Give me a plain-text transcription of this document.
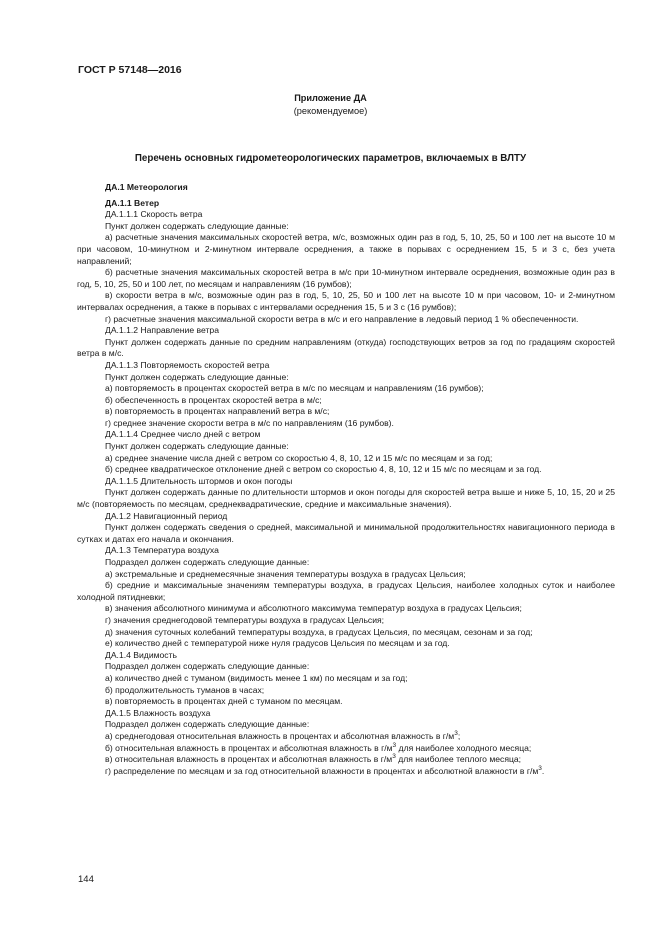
ГОСТ Р 57148—2016
Приложение ДА
(рекомендуемое)
Перечень основных гидрометеорологических параметров, включаемых в ВЛТУ

ДА.1 Метеорология

ДА.1.1 Ветер

ДА.1.1.1 Скорость ветра

Пункт должен содержать следующие данные:

а) расчетные значения максимальных скоростей ветра, м/с, возможных один раз в год, 5, 10, 25, 50 и 100 лет на высоте 10 м при часовом, 10-минутном и 2-минутном интервале осреднения, а также в порывах с осреднением 15, 5 и 3 с, без учета направлений;

б) расчетные значения максимальных скоростей ветра в м/с при 10-минутном интервале осреднения, возможные один раз в год, 5, 10, 25, 50 и 100 лет, по месяцам и направлениям (16 румбов);

в) скорости ветра в м/с, возможные один раз в год, 5, 10, 25, 50 и 100 лет на высоте 10 м при часовом, 10- и 2-минутном интервалах осреднения, а также в порывах с интервалами осреднения 15, 5 и 3 с (16 румбов);

г) расчетные значения максимальной скорости ветра в м/с и его направление в ледовый период 1 % обеспеченности.

ДА.1.1.2 Направление ветра

Пункт должен содержать данные по средним направлениям (откуда) господствующих ветров за год по градациям скоростей ветра в м/с.

ДА.1.1.3 Повторяемость скоростей ветра

Пункт должен содержать следующие данные:

а) повторяемость в процентах скоростей ветра в м/с по месяцам и направлениям (16 румбов);

б) обеспеченность в процентах скоростей ветра в м/с;

в) повторяемость в процентах направлений ветра в м/с;

г) среднее значение скорости ветра в м/с по направлениям (16 румбов).

ДА.1.1.4 Среднее число дней с ветром

Пункт должен содержать следующие данные:

а) среднее значение числа дней с ветром со скоростью 4, 8, 10, 12 и 15 м/с по месяцам и за год;

б) среднее квадратическое отклонение дней с ветром со скоростью 4, 8, 10, 12 и 15 м/с по месяцам и за год.

ДА.1.1.5 Длительность штормов и окон погоды

Пункт должен содержать данные по длительности штормов и окон погоды для скоростей ветра выше и ниже 5, 10, 15, 20 и 25 м/с (повторяемость по месяцам, среднеквадратические, средние и максимальные значения).

ДА.1.2 Навигационный период

Пункт должен содержать сведения о средней, максимальной и минимальной продолжительностях навигационного периода в сутках и датах его начала и окончания.

ДА.1.3 Температура воздуха

Подраздел должен содержать следующие данные:

а) экстремальные и среднемесячные значения температуры воздуха в градусах Цельсия;

б) средние и максимальные значениям температуры воздуха, в градусах Цельсия, наиболее холодных суток и наиболее холодной пятидневки;

в) значения абсолютного минимума и абсолютного максимума температур воздуха в градусах Цельсия;

г) значения среднегодовой температуры воздуха в градусах Цельсия;

д) значения суточных колебаний температуры воздуха, в градусах Цельсия, по месяцам, сезонам и за год;

е) количество дней с температурой ниже нуля градусов Цельсия по месяцам и за год.

ДА.1.4 Видимость

Подраздел должен содержать следующие данные:

а) количество дней с туманом (видимость менее 1 км) по месяцам и за год;

б) продолжительность туманов в часах;

в) повторяемость в процентах дней с туманом по месяцам.

ДА.1.5 Влажность воздуха

Подраздел должен содержать следующие данные:

а) среднегодовая относительная влажность в процентах и абсолютная влажность в $г/м^3$;

б) относительная влажность в процентах и абсолютная влажность в $г/м^3$ для наиболее холодного месяца;

в) относительная влажность в процентах и абсолютная влажность в $г/м^3$ для наиболее теплого месяца;

г) распределение по месяцам и за год относительной влажности в процентах и абсолютной влажности в $г/м^3$.

144
